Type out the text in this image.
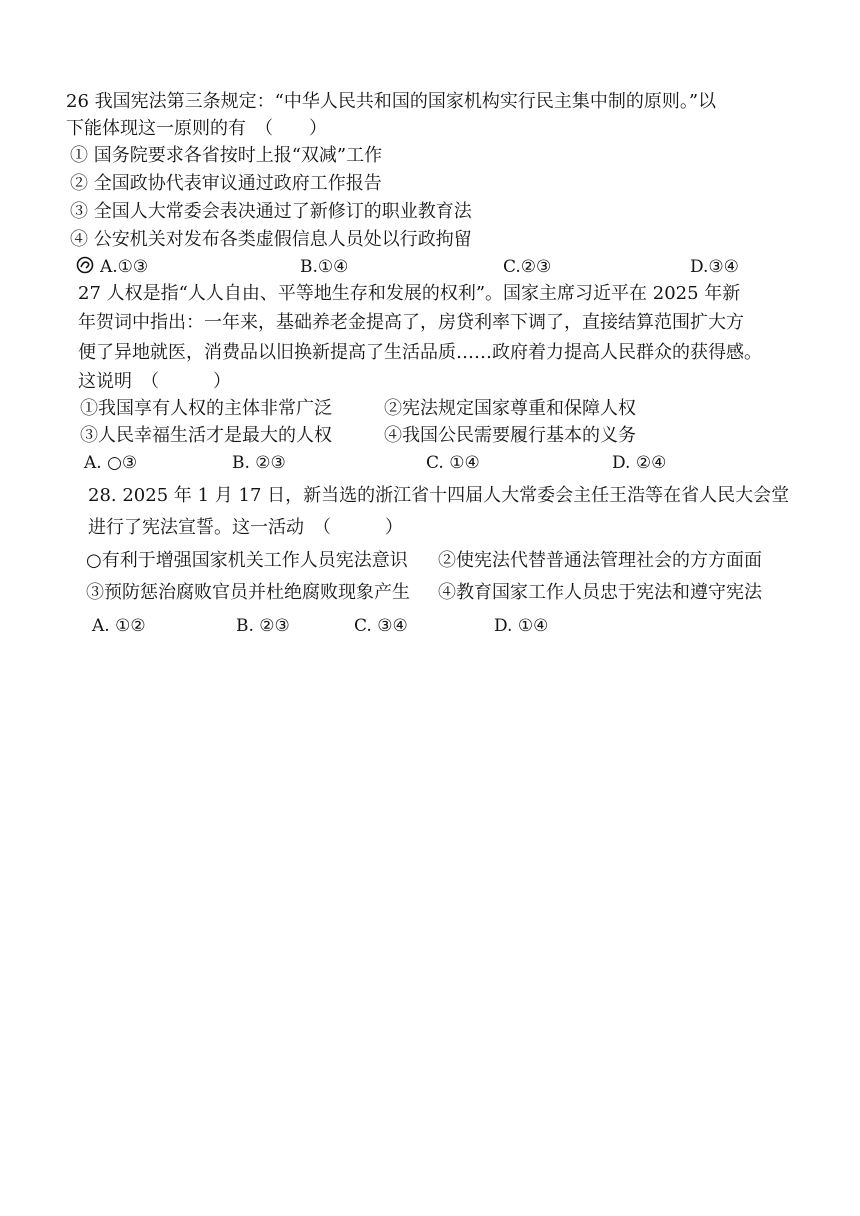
26 我国宪法第三条规定：“中华人民共和国的国家机构实行民主集中制的原则。”以
下能体现这一原则的有　（　　）
① 国务院要求各省按时上报“双减”工作
② 全国政协代表审议通过政府工作报告
③ 全国人大常委会表决通过了新修订的职业教育法
④ 公安机关对发布各类虚假信息人员处以行政拘留
A.①③	B.①④	C.②③	D.③④
27 人权是指“人人自由、平等地生存和发展的权利”。国家主席习近平在 2025 年新
年贺词中指出：一年来，基础养老金提高了，房贷利率下调了，直接结算范围扩大方
便了异地就医，消费品以旧换新提高了生活品质……政府着力提高人民群众的获得感。
这说明　（　　　）
①我国享有人权的主体非常广泛	②宪法规定国家尊重和保障人权
③人民幸福生活才是最大的人权	④我国公民需要履行基本的义务
A. ○③	B. ②③	C. ①④	D. ②④
28. 2025 年 1 月 17 日，新当选的浙江省十四届人大常委会主任王浩等在省人民大会堂
进行了宪法宣誓。这一活动　（　　　）
○有利于增强国家机关工作人员宪法意识 ②使宪法代替普通法管理社会的方方面面
③预防惩治腐败官员并杜绝腐败现象产生 ④教育国家工作人员忠于宪法和遵守宪法
A. ①②	B. ②③	C. ③④	D. ①④
